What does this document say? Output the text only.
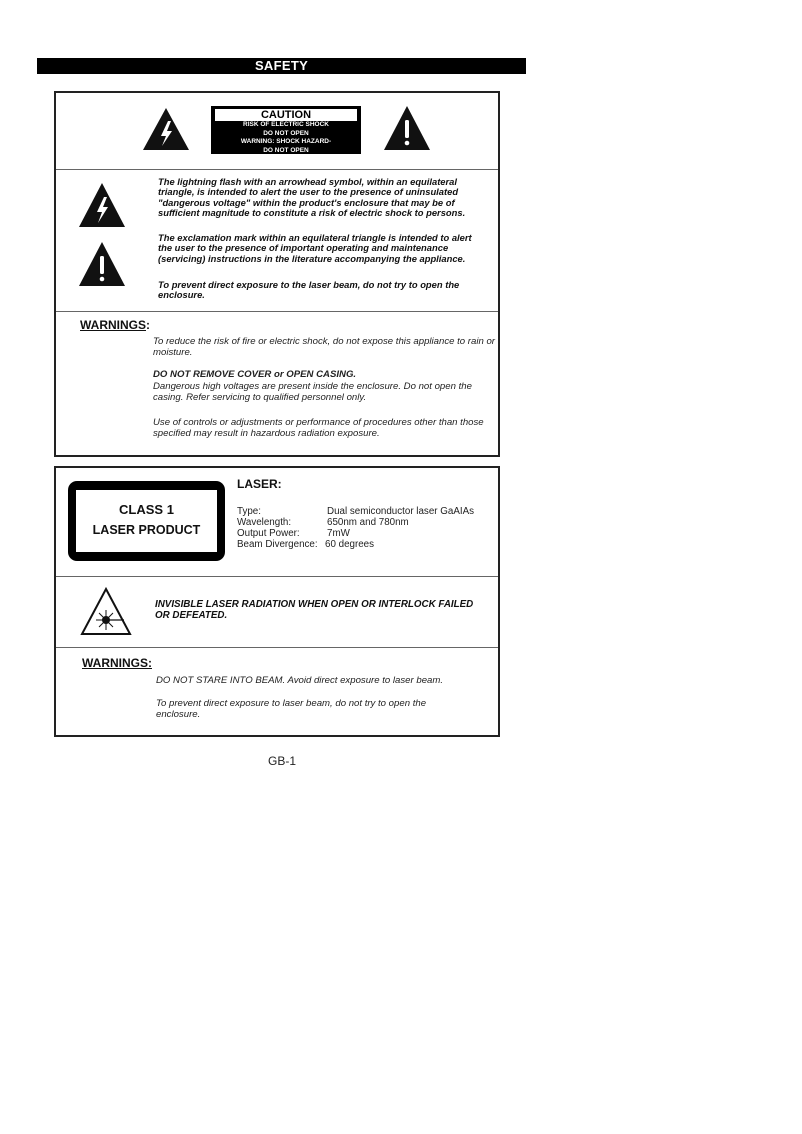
SAFETY
CAUTION
RISK OF ELECTRIC SHOCK
DO NOT OPEN
WARNING: SHOCK HAZARD-
DO NOT OPEN
The lightning flash with an arrowhead symbol, within an equilateral triangle, is intended to alert the user to the presence of uninsulated "dangerous voltage" within the product's enclosure that may be of sufficient magnitude to constitute a risk of electric shock to persons.
The exclamation mark within an equilateral triangle is intended to alert the user to the presence of important operating and maintenance (servicing) instructions in the literature accompanying the appliance.
To prevent direct exposure to the laser beam, do not try to open the enclosure.
WARNINGS:
To reduce the risk of fire or electric shock, do not expose this appliance to rain or moisture.
DO NOT REMOVE COVER or OPEN CASING.
Dangerous high voltages are present inside the enclosure. Do not open the casing. Refer servicing to qualified personnel only.
Use of controls or adjustments or performance of procedures other than those specified may result in hazardous radiation exposure.
CLASS 1
LASER PRODUCT
LASER:
Type:	Dual semiconductor laser GaAIAs
Wavelength:	650nm and 780nm
Output Power:	7mW
Beam Divergence: 60 degrees
INVISIBLE LASER RADIATION WHEN OPEN OR INTERLOCK FAILED OR DEFEATED.
WARNINGS:
DO NOT STARE INTO BEAM. Avoid direct exposure to laser beam.
To prevent direct exposure to laser beam, do not try to open the enclosure.
GB-1
